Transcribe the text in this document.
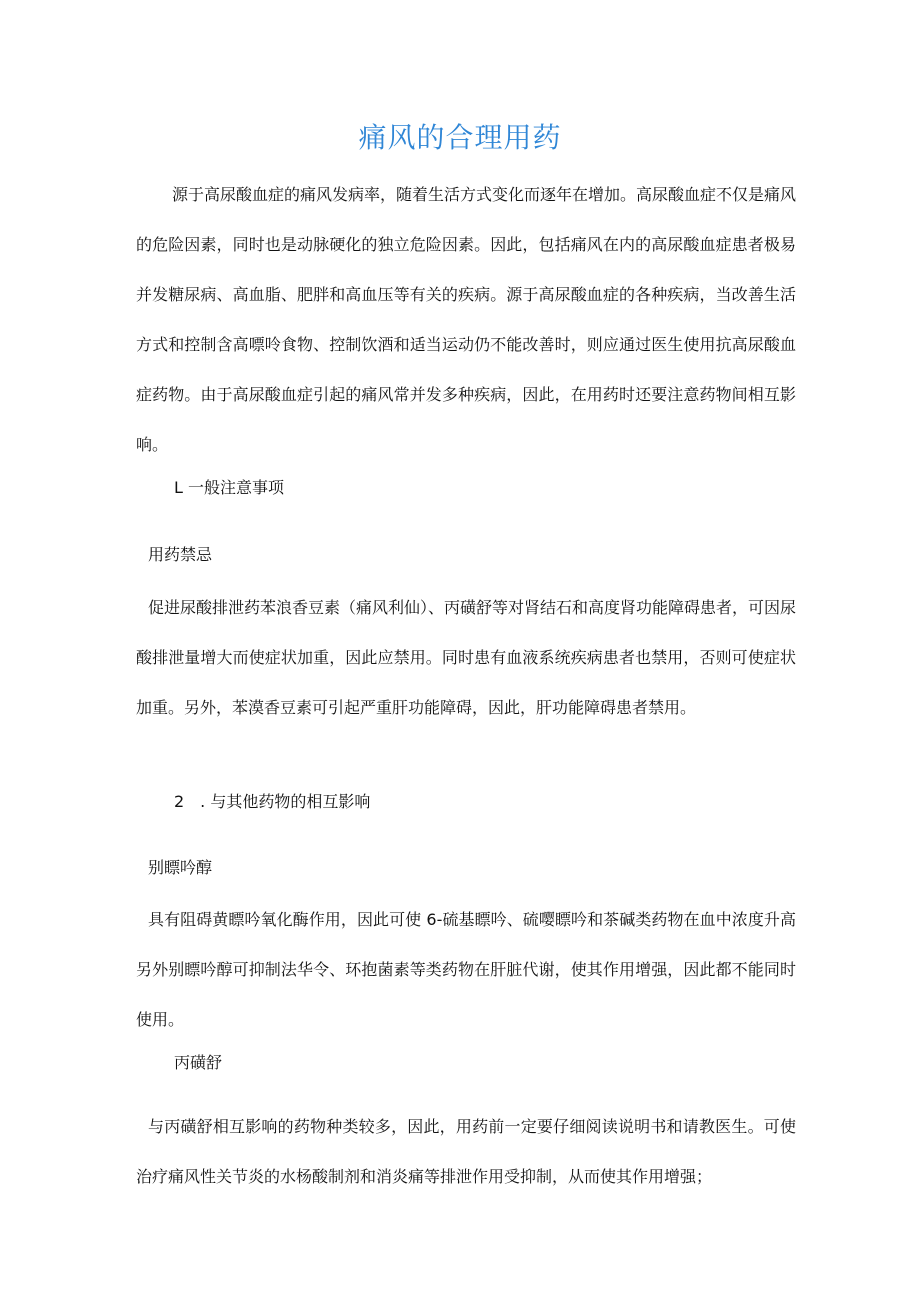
痛风的合理用药

源于高尿酸血症的痛风发病率，随着生活方式变化而逐年在增加。高尿酸血症不仅是痛风的危险因素，同时也是动脉硬化的独立危险因素。因此，包括痛风在内的高尿酸血症患者极易并发糖尿病、高血脂、肥胖和高血压等有关的疾病。源于高尿酸血症的各种疾病，当改善生活方式和控制含高嘌呤食物、控制饮酒和适当运动仍不能改善时，则应通过医生使用抗高尿酸血症药物。由于高尿酸血症引起的痛风常并发多种疾病，因此，在用药时还要注意药物间相互影响。

L 一般注意事项
用药禁忌

促进尿酸排泄药苯浪香豆素（痛风利仙）、丙磺舒等对肾结石和高度肾功能障碍患者，可因尿酸排泄量增大而使症状加重，因此应禁用。同时患有血液系统疾病患者也禁用，否则可使症状加重。另外，苯漠香豆素可引起严重肝功能障碍，因此，肝功能障碍患者禁用。

2　. 与其他药物的相互影响
别瞟吟醇

具有阻碍黄瞟吟氧化酶作用，因此可使 6-硫基瞟吟、硫嘤瞟吟和茶碱类药物在血中浓度升高另外别瞟吟醇可抑制法华令、环抱菌素等类药物在肝脏代谢，使其作用增强，因此都不能同时使用。

丙磺舒

与丙磺舒相互影响的药物种类较多，因此，用药前一定要仔细阅读说明书和请教医生。可使治疗痛风性关节炎的水杨酸制剂和消炎痛等排泄作用受抑制，从而使其作用增强；
